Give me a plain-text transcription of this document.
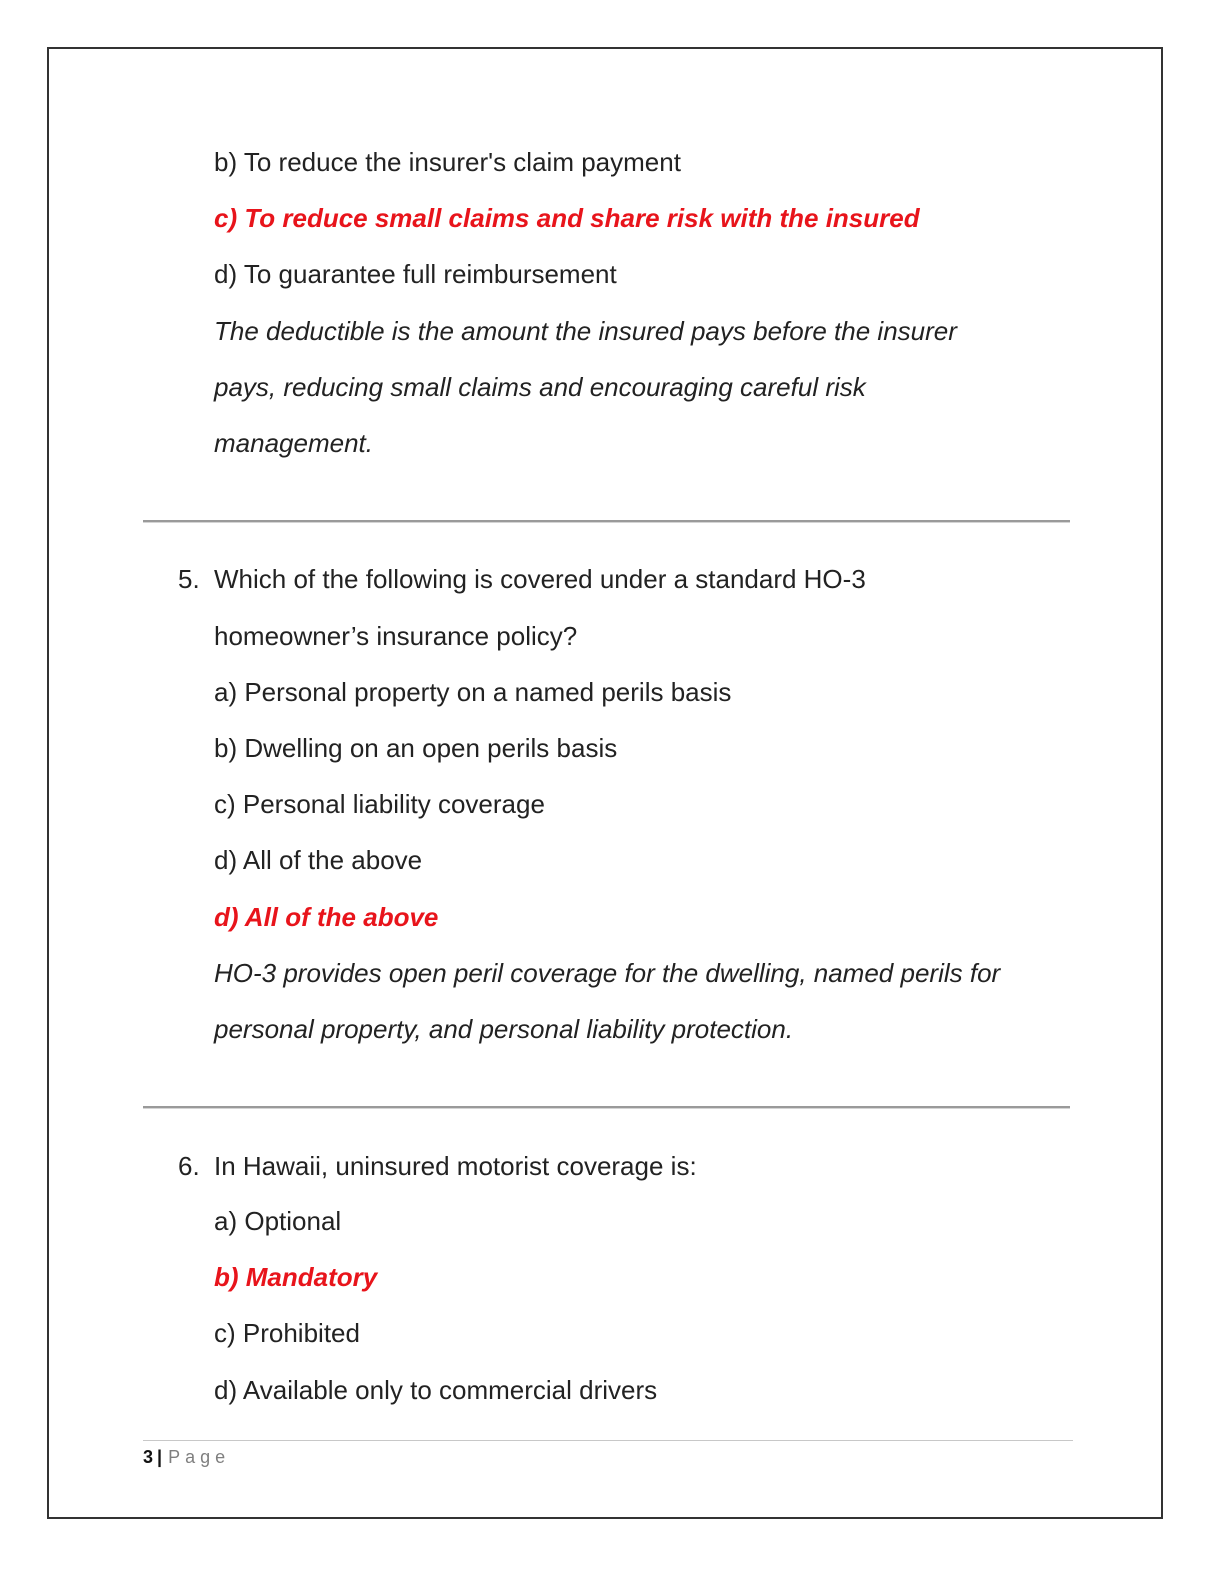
b) To reduce the insurer's claim payment
c) To reduce small claims and share risk with the insured
d) To guarantee full reimbursement
The deductible is the amount the insured pays before the insurer
pays, reducing small claims and encouraging careful risk
management.
5. Which of the following is covered under a standard HO-3
homeowner’s insurance policy?
a) Personal property on a named perils basis
b) Dwelling on an open perils basis
c) Personal liability coverage
d) All of the above
d) All of the above
HO-3 provides open peril coverage for the dwelling, named perils for
personal property, and personal liability protection.
6. In Hawaii, uninsured motorist coverage is:
a) Optional
b) Mandatory
c) Prohibited
d) Available only to commercial drivers
3 | Page
